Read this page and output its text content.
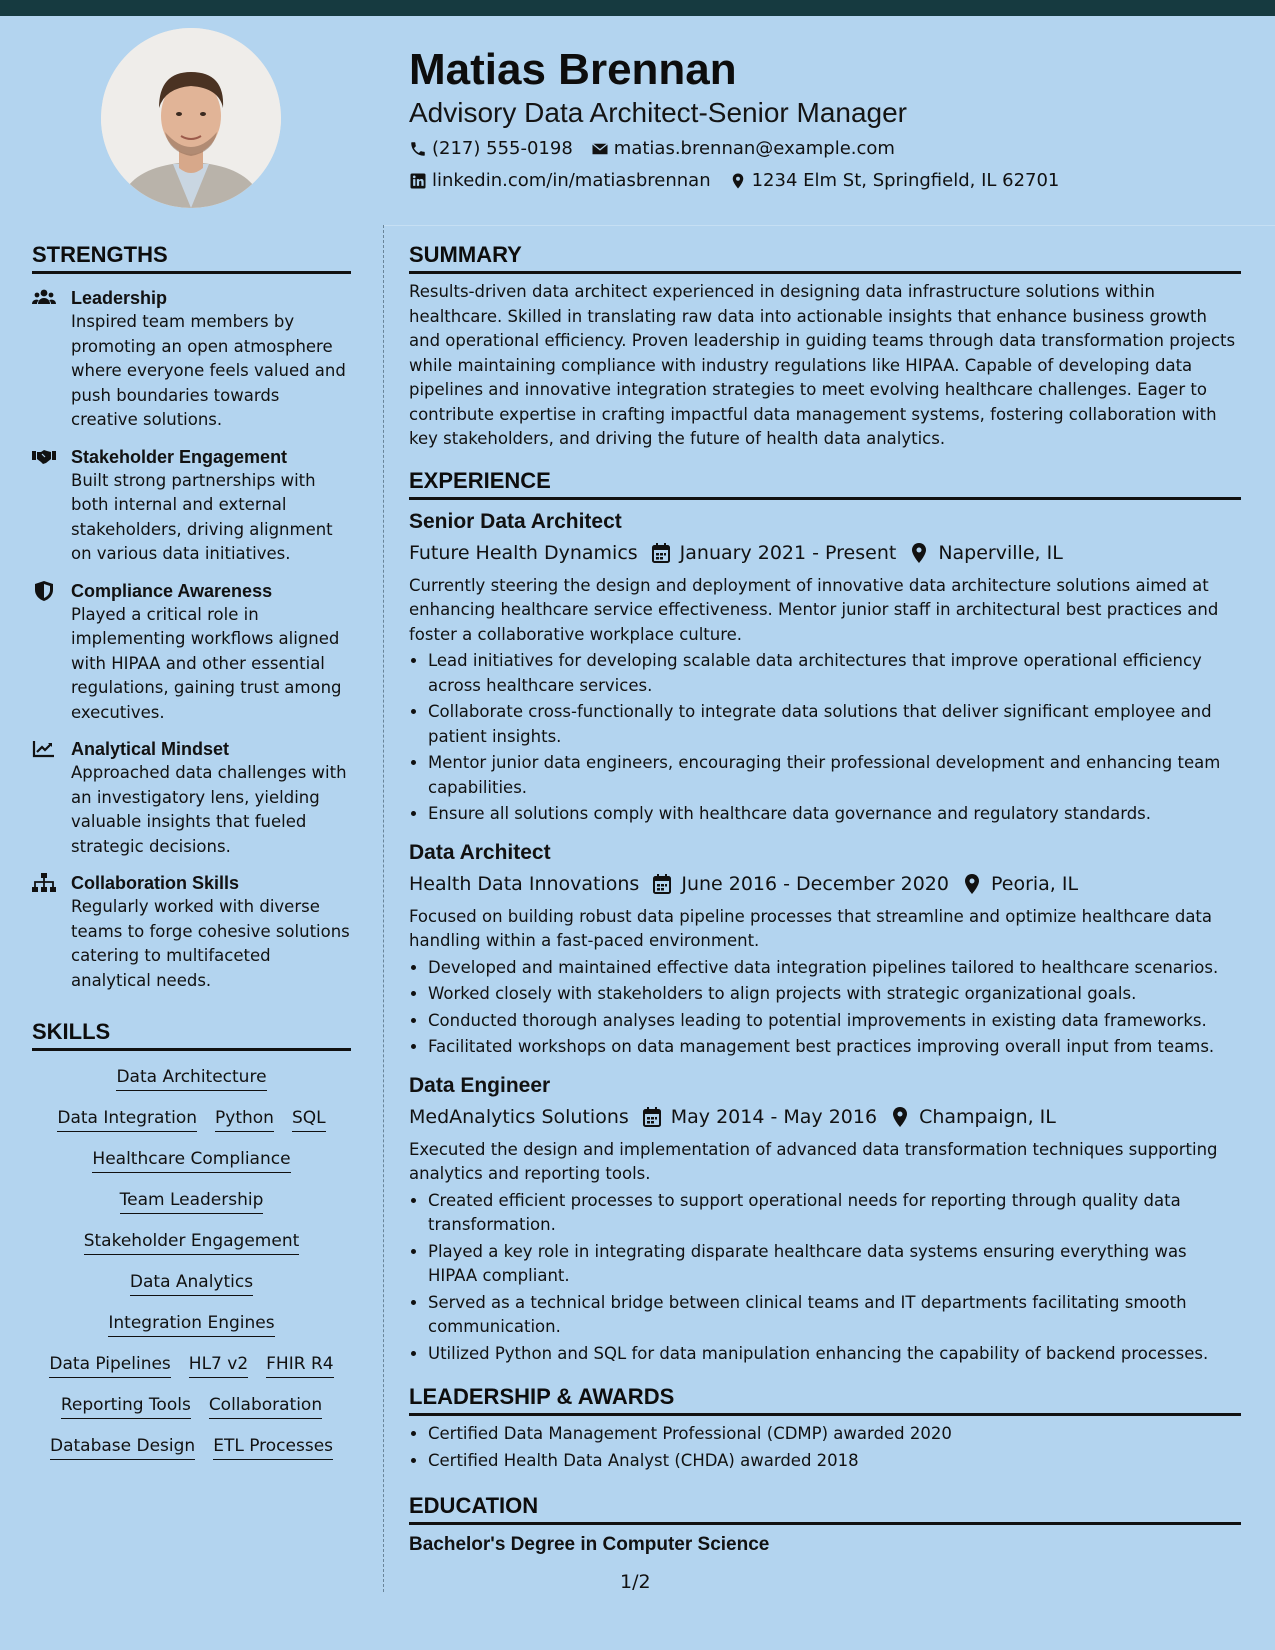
Matias Brennan
Advisory Data Architect-Senior Manager
(217) 555-0198 matias.brennan@example.com
linkedin.com/in/matiasbrennan 1234 Elm St, Springfield, IL 62701
STRENGTHS
Leadership
Inspired team members by promoting an open atmosphere where everyone feels valued and push boundaries towards creative solutions.
Stakeholder Engagement
Built strong partnerships with both internal and external stakeholders, driving alignment on various data initiatives.
Compliance Awareness
Played a critical role in implementing workflows aligned with HIPAA and other essential regulations, gaining trust among executives.
Analytical Mindset
Approached data challenges with an investigatory lens, yielding valuable insights that fueled strategic decisions.
Collaboration Skills
Regularly worked with diverse teams to forge cohesive solutions catering to multifaceted analytical needs.
SKILLS
Data Architecture
Data Integration Python SQL
Healthcare Compliance
Team Leadership
Stakeholder Engagement
Data Analytics
Integration Engines
Data Pipelines HL7 v2 FHIR R4
Reporting Tools Collaboration
Database Design ETL Processes
SUMMARY
Results-driven data architect experienced in designing data infrastructure solutions within healthcare. Skilled in translating raw data into actionable insights that enhance business growth and operational efficiency. Proven leadership in guiding teams through data transformation projects while maintaining compliance with industry regulations like HIPAA. Capable of developing data pipelines and innovative integration strategies to meet evolving healthcare challenges. Eager to contribute expertise in crafting impactful data management systems, fostering collaboration with key stakeholders, and driving the future of health data analytics.
EXPERIENCE
Senior Data Architect
Future Health Dynamics January 2021 - Present Naperville, IL
Currently steering the design and deployment of innovative data architecture solutions aimed at enhancing healthcare service effectiveness. Mentor junior staff in architectural best practices and foster a collaborative workplace culture.
• Lead initiatives for developing scalable data architectures that improve operational efficiency across healthcare services.
• Collaborate cross-functionally to integrate data solutions that deliver significant employee and patient insights.
• Mentor junior data engineers, encouraging their professional development and enhancing team capabilities.
• Ensure all solutions comply with healthcare data governance and regulatory standards.
Data Architect
Health Data Innovations June 2016 - December 2020 Peoria, IL
Focused on building robust data pipeline processes that streamline and optimize healthcare data handling within a fast-paced environment.
• Developed and maintained effective data integration pipelines tailored to healthcare scenarios.
• Worked closely with stakeholders to align projects with strategic organizational goals.
• Conducted thorough analyses leading to potential improvements in existing data frameworks.
• Facilitated workshops on data management best practices improving overall input from teams.
Data Engineer
MedAnalytics Solutions May 2014 - May 2016 Champaign, IL
Executed the design and implementation of advanced data transformation techniques supporting analytics and reporting tools.
• Created efficient processes to support operational needs for reporting through quality data transformation.
• Played a key role in integrating disparate healthcare data systems ensuring everything was HIPAA compliant.
• Served as a technical bridge between clinical teams and IT departments facilitating smooth communication.
• Utilized Python and SQL for data manipulation enhancing the capability of backend processes.
LEADERSHIP & AWARDS
• Certified Data Management Professional (CDMP) awarded 2020
• Certified Health Data Analyst (CHDA) awarded 2018
EDUCATION
Bachelor's Degree in Computer Science
1/2
